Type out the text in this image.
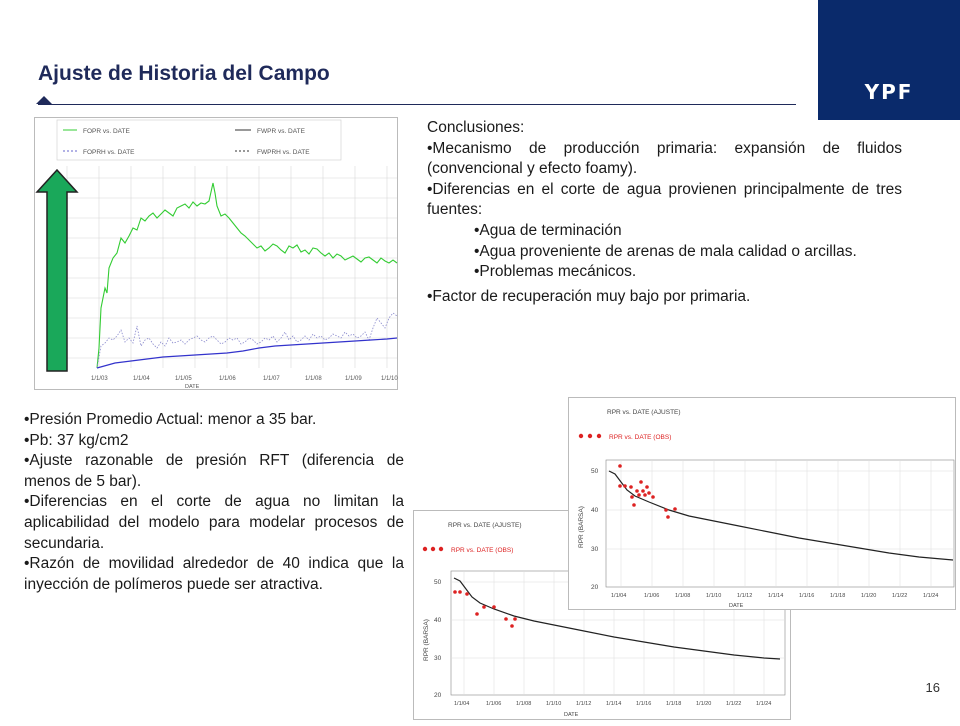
Ajuste de Historia del Campo
YPF
FOPR vs. DATE	FWPR vs. DATE
FOPRH vs. DATE	FWPRH vs. DATE
1/1/03	1/1/04	1/1/05	1/1/06	1/1/07	1/1/08	1/1/09	1/1/10
DATE

Conclusiones:

•Mecanismo de producción primaria: expansión de fluidos (convencional y efecto foamy).

•Diferencias en el corte de agua provienen principalmente de tres fuentes:

•Agua de terminación

•Agua proveniente de arenas de mala calidad o arcillas.

•Problemas mecánicos.

•Factor de recuperación muy bajo por primaria.

•Presión Promedio Actual: menor a 35 bar.

•Pb: 37 kg/cm2

•Ajuste razonable de presión RFT (diferencia de menos de 5 bar).

•Diferencias en el corte de agua no limitan la aplicabilidad del modelo para modelar procesos de secundaria.

•Razón de movilidad alrededor de 40 indica que la inyección de polímeros puede ser atractiva.

RPR vs. DATE (AJUSTE)
RPR vs. DATE (OBS)
RPR (BARSA)
50
40
30
20
1/1/04	1/1/06	1/1/08	1/1/10	1/1/12	1/1/14	1/1/16	1/1/18	1/1/20	1/1/22	1/1/24
DATE
RPR vs. DATE (AJUSTE)
RPR vs. DATE (OBS)
RPR (BARSA)
50
40
30
20
1/1/04	1/1/06	1/1/08	1/1/10	1/1/12	1/1/14	1/1/16	1/1/18	1/1/20	1/1/22	1/1/24
DATE
16
